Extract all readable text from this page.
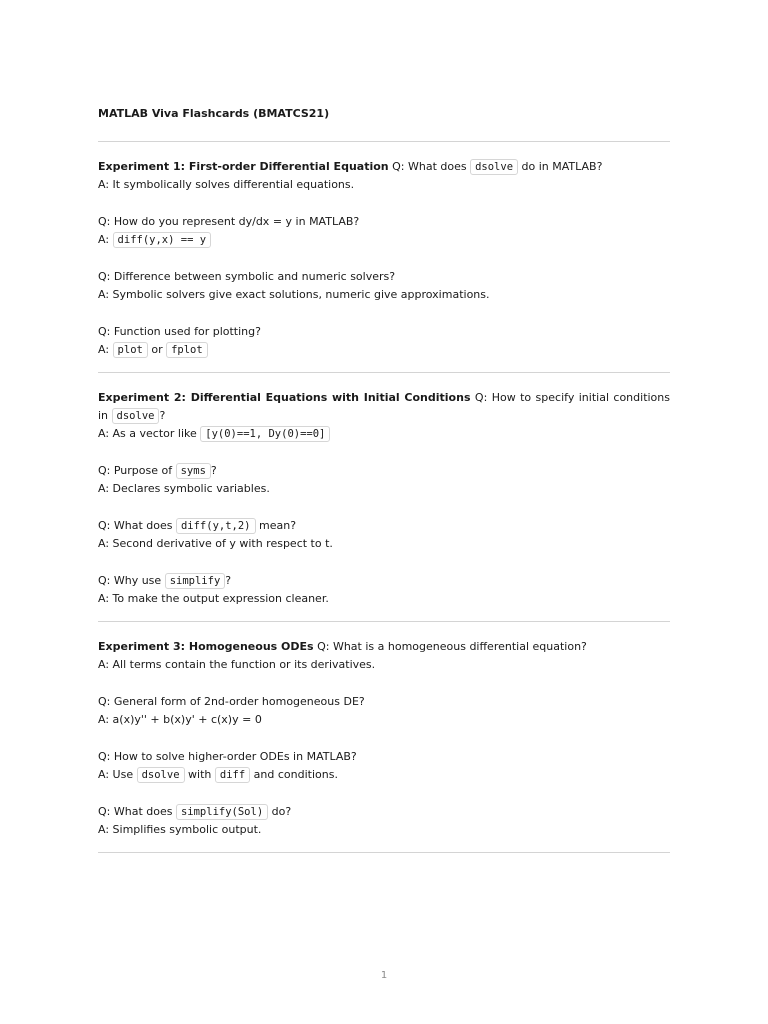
MATLAB Viva Flashcards (BMATCS21)

Experiment 1: First-order Differential Equation Q: What does dsolve do in MATLAB?
A: It symbolically solves differential equations.
Q: How do you represent dy/dx = y in MATLAB?
A: diff(y,x) == y
Q: Difference between symbolic and numeric solvers?
A: Symbolic solvers give exact solutions, numeric give approximations.
Q: Function used for plotting?
A: plot or fplot
Experiment 2: Differential Equations with Initial Conditions Q: How to specify initial conditions in dsolve ?
A: As a vector like [y(0)==1, Dy(0)==0]
Q: Purpose of syms ?
A: Declares symbolic variables.
Q: What does diff(y,t,2) mean?
A: Second derivative of y with respect to t.
Q: Why use simplify ?
A: To make the output expression cleaner.
Experiment 3: Homogeneous ODEs Q: What is a homogeneous differential equation?
A: All terms contain the function or its derivatives.
Q: General form of 2nd-order homogeneous DE?
A: a(x)y'' + b(x)y' + c(x)y = 0
Q: How to solve higher-order ODEs in MATLAB?
A: Use dsolve with diff and conditions.
Q: What does simplify(Sol) do?
A: Simplifies symbolic output.
1
